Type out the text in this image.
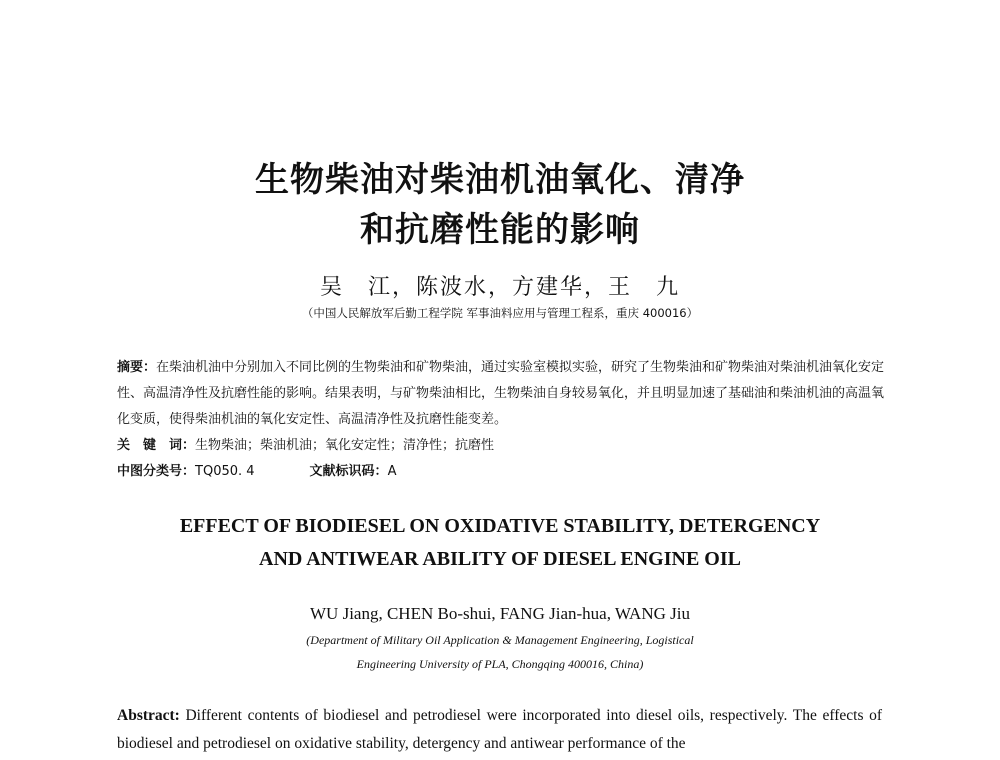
生物柴油对柴油机油氧化、清净
和抗磨性能的影响
吴　江，陈波水，方建华，王　九
（中国人民解放军后勤工程学院 军事油料应用与管理工程系，重庆 400016）
摘要：在柴油机油中分别加入不同比例的生物柴油和矿物柴油，通过实验室模拟实验，研究了生物柴油和矿物柴油对柴油机油氧化安定性、高温清净性及抗磨性能的影响。结果表明，与矿物柴油相比，生物柴油自身较易氧化，并且明显加速了基础油和柴油机油的高温氧化变质，使得柴油机油的氧化安定性、高温清净性及抗磨性能变差。
关　键　词：生物柴油；柴油机油；氧化安定性；清净性；抗磨性
中图分类号：TQ050. 4	文献标识码：A
EFFECT OF BIODIESEL ON OXIDATIVE STABILITY, DETERGENCY
AND ANTIWEAR ABILITY OF DIESEL ENGINE OIL
WU Jiang, CHEN Bo-shui, FANG Jian-hua, WANG Jiu
(Department of Military Oil Application & Management Engineering, Logistical
Engineering University of PLA, Chongqing 400016, China)
Abstract: Different contents of biodiesel and petrodiesel were incorporated into diesel oils, respectively. The effects of biodiesel and petrodiesel on oxidative stability, detergency and antiwear performance of the
